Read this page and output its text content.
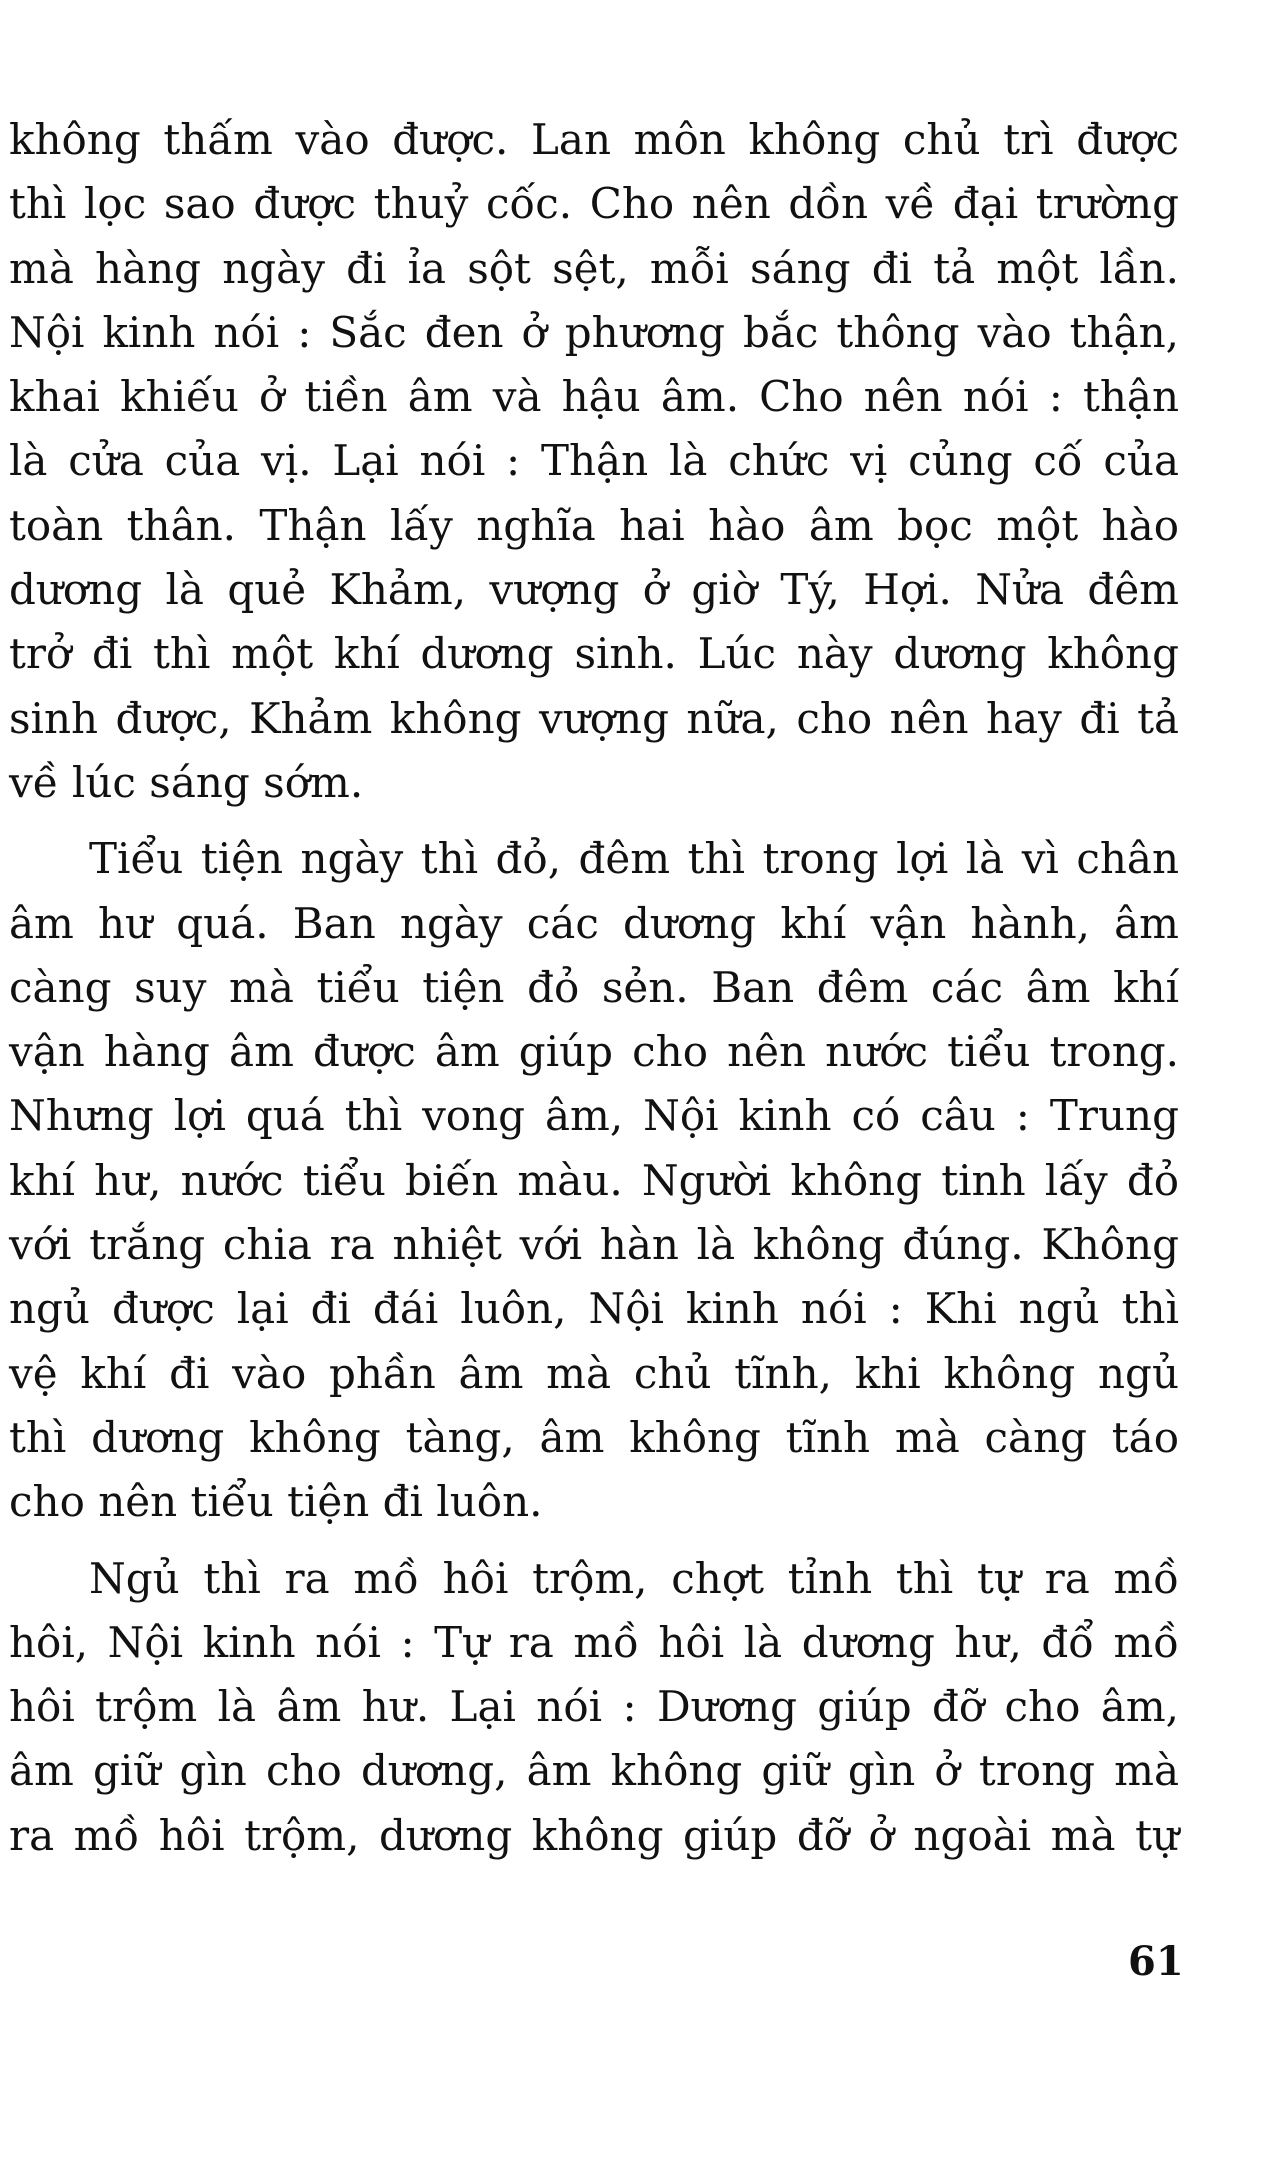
không thấm vào được. Lan môn không chủ trì được
thì lọc sao được thuỷ cốc. Cho nên dồn về đại trường
mà hàng ngày đi ỉa sột sệt, mỗi sáng đi tả một lần.
Nội kinh nói : Sắc đen ở phương bắc thông vào thận,
khai khiếu ở tiền âm và hậu âm. Cho nên nói : thận
là cửa của vị. Lại nói : Thận là chức vị củng cố của
toàn thân. Thận lấy nghĩa hai hào âm bọc một hào
dương là quẻ Khảm, vượng ở giờ Tý, Hợi. Nửa đêm
trở đi thì một khí dương sinh. Lúc này dương không
sinh được, Khảm không vượng nữa, cho nên hay đi tả
về lúc sáng sớm.
Tiểu tiện ngày thì đỏ, đêm thì trong lợi là vì chân
âm hư quá. Ban ngày các dương khí vận hành, âm
càng suy mà tiểu tiện đỏ sẻn. Ban đêm các âm khí
vận hàng âm được âm giúp cho nên nước tiểu trong.
Nhưng lợi quá thì vong âm, Nội kinh có câu : Trung
khí hư, nước tiểu biến màu. Người không tinh lấy đỏ
với trắng chia ra nhiệt với hàn là không đúng. Không
ngủ được lại đi đái luôn, Nội kinh nói : Khi ngủ thì
vệ khí đi vào phần âm mà chủ tĩnh, khi không ngủ
thì dương không tàng, âm không tĩnh mà càng táo
cho nên tiểu tiện đi luôn.
Ngủ thì ra mồ hôi trộm, chợt tỉnh thì tự ra mồ
hôi, Nội kinh nói : Tự ra mồ hôi là dương hư, đổ mồ
hôi trộm là âm hư. Lại nói : Dương giúp đỡ cho âm,
âm giữ gìn cho dương, âm không giữ gìn ở trong mà
ra mồ hôi trộm, dương không giúp đỡ ở ngoài mà tự
61
